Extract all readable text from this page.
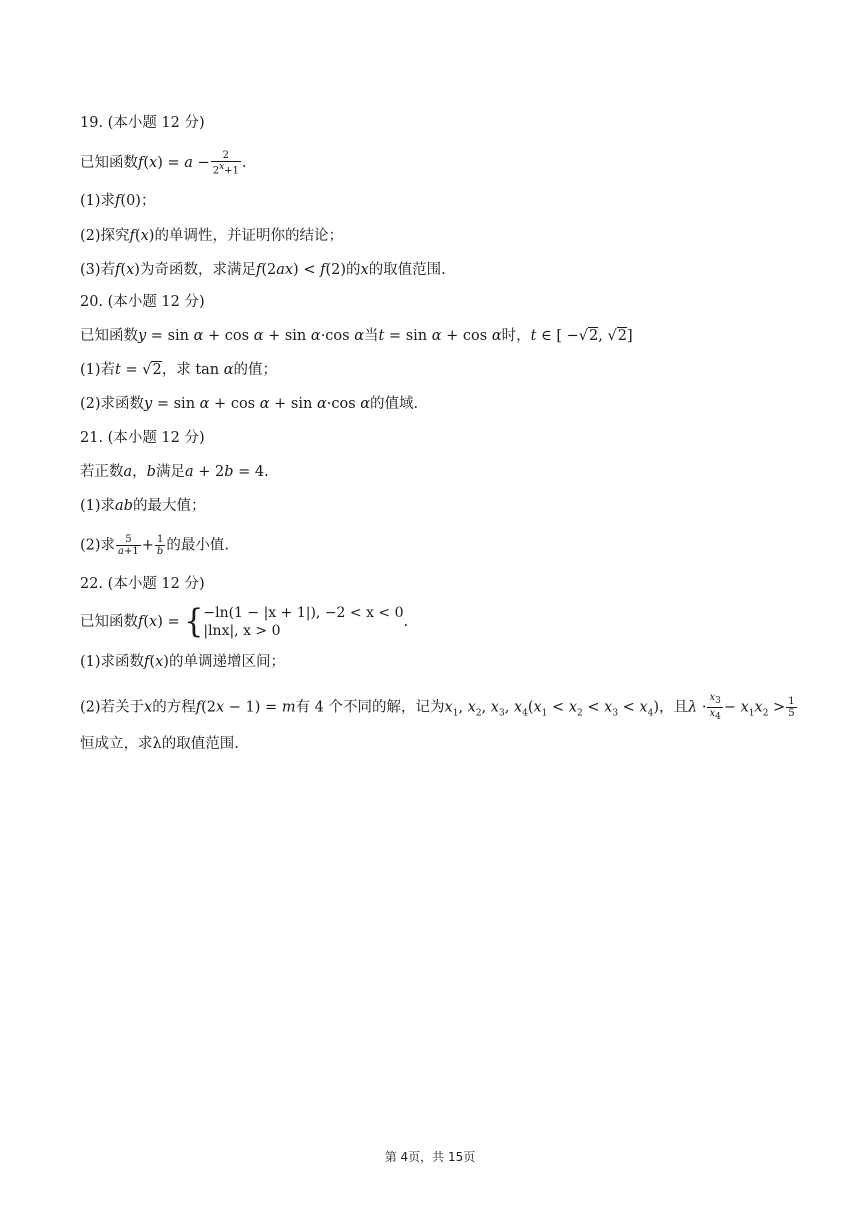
19. (本小题 12 分)
已知函数$f(x) = a - \frac{2}{2^x+1}$ .
(1)求f(0)；
(2)探究f(x)的单调性，并证明你的结论；
(3)若f(x)为奇函数，求满足f(2ax) < f(2)的x的取值范围.
20. (本小题 12 分)
已知函数y = sin α + cos α + sin α·cos α当t = sin α + cos α时，t ∈ [ −√2, √2]
(1)若t = √2，求 tan α的值；
(2)求函数y = sin α + cos α + sin α·cos α的值域.
21. (本小题 12 分)
若正数a，b满足a + 2b = 4.
(1)求ab的最大值；
(2)求 $\frac{5}{a+1} + \frac{1}{b}$ 的最小值.
22. (本小题 12 分)
已知函数f(x) = { −ln(1 − |x + 1|), −2 < x < 0
|lnx|, x > 0
.
(1)求函数f(x)的单调递增区间；
(2)若关于x的方程f(2x − 1) = m有 4 个不同的解，记为$x_1$, $x_2$, $x_3$, $x_4(x_1 < x_2 < x_3 < x_4)$，且$\lambda \cdot \frac{x_3}{x_4} - x_1x_2 > \frac{1}{5}$
恒成立，求λ的取值范围.
第 4页，共 15页
